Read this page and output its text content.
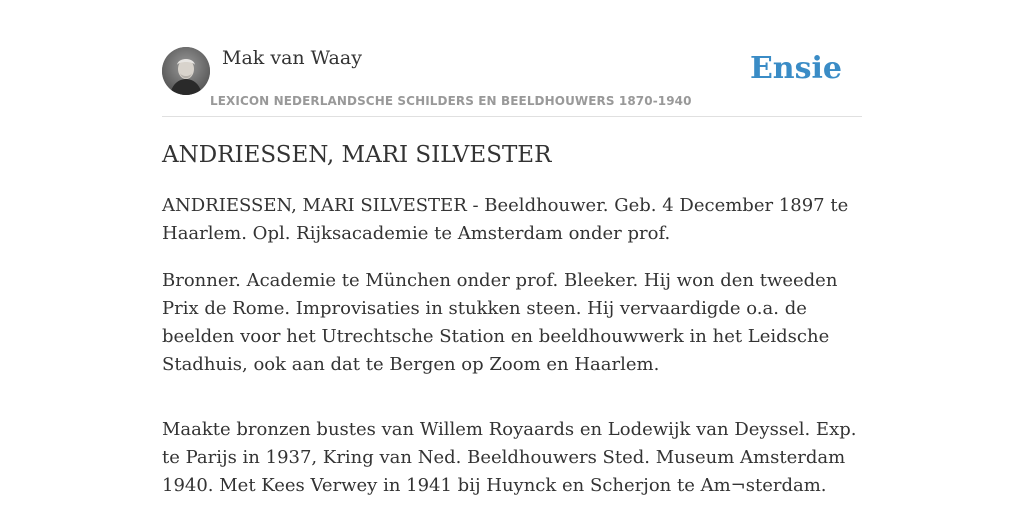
Mak van Waay
LEXICON NEDERLANDSCHE SCHILDERS EN BEELDHOUWERS 1870-1940
Ensie
ANDRIESSEN, MARI SILVESTER

ANDRIESSEN, MARI SILVESTER - Beeldhouwer. Geb. 4 December 1897 te Haarlem. Opl. Rijksacademie te Amsterdam onder prof.

Bronner. Academie te München onder prof. Bleeker. Hij won den tweeden Prix de Rome. Improvisaties in stukken steen. Hij vervaardigde o.a. de beelden voor het Utrechtsche Station en beeldhouwwerk in het Leidsche Stadhuis, ook aan dat te Bergen op Zoom en Haarlem.

Maakte bronzen bustes van Willem Royaards en Lodewijk van Deyssel. Exp. te Parijs in 1937, Kring van Ned. Beeldhouwers Sted. Museum Amsterdam 1940. Met Kees Verwey in 1941 bij Huynck en Scherjon te Am¬sterdam.
